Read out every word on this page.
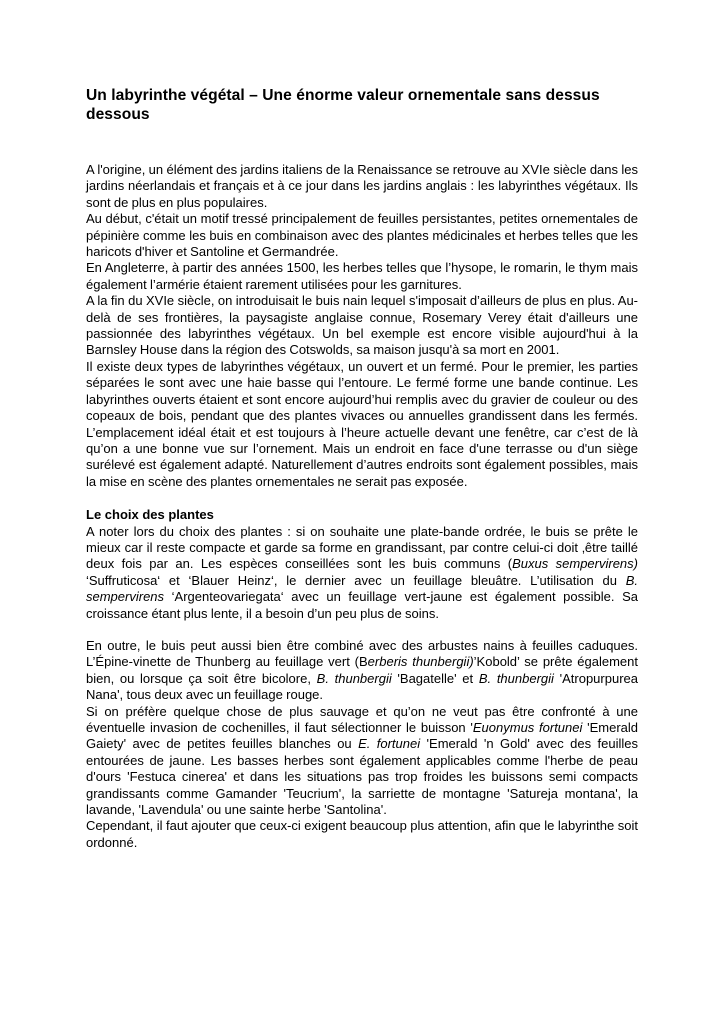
Un labyrinthe végétal – Une énorme valeur ornementale sans dessus dessous

A l'origine, un élément des jardins italiens de la Renaissance se retrouve au XVIe siècle dans les jardins néerlandais et français et à ce jour dans les jardins anglais : les labyrinthes végétaux. Ils sont de plus en plus populaires.

Au début, c'était un motif tressé principalement de feuilles persistantes, petites ornementales de pépinière comme les buis en combinaison avec des plantes médicinales et herbes telles que les haricots d'hiver et Santoline et Germandrée.

En Angleterre, à partir des années 1500, les herbes telles que l’hysope, le romarin, le thym mais également l’armérie étaient rarement utilisées pour les garnitures.

A la fin du XVIe siècle, on introduisait le buis nain lequel s'imposait d’ailleurs de plus en plus. Au-delà de ses frontières, la paysagiste anglaise connue, Rosemary Verey était d'ailleurs une passionnée des labyrinthes végétaux. Un bel exemple est encore visible aujourd'hui à la Barnsley House dans la région des Cotswolds, sa maison jusqu'à sa mort en 2001.

Il existe deux types de labyrinthes végétaux, un ouvert et un fermé. Pour le premier, les parties séparées le sont avec une haie basse qui l’entoure. Le fermé forme une bande continue. Les labyrinthes ouverts étaient et sont encore aujourd’hui remplis avec du gravier de couleur ou des copeaux de bois, pendant que des plantes vivaces ou annuelles grandissent dans les fermés. L’emplacement idéal était et est toujours à l’heure actuelle devant une fenêtre, car c’est de là qu’on a une bonne vue sur l’ornement. Mais un endroit en face d'une terrasse ou d'un siège surélevé est également adapté. Naturellement d’autres endroits sont également possibles, mais la mise en scène des plantes ornementales ne serait pas exposée.

Le choix des plantes

A noter lors du choix des plantes : si on souhaite une plate-bande ordrée, le buis se prête le mieux car il reste compacte et garde sa forme en grandissant, par contre celui-ci doit ‚être taillé deux fois par an. Les espèces conseillées sont les buis communs (Buxus sempervirens) ‘Suffruticosa‘ et ‘Blauer Heinz‘, le dernier avec un feuillage bleuâtre. L’utilisation du B. sempervirens ‘Argenteovariegata‘ avec un feuillage vert-jaune est également possible. Sa croissance étant plus lente, il a besoin d’un peu plus de soins.

En outre, le buis peut aussi bien être combiné avec des arbustes nains à feuilles caduques. L’Épine-vinette de Thunberg au feuillage vert (Berberis thunbergii)’Kobold’ se prête également bien, ou lorsque ça soit être bicolore, B. thunbergii 'Bagatelle' et B. thunbergii 'Atropurpurea Nana', tous deux avec un feuillage rouge.

Si on préfère quelque chose de plus sauvage et qu’on ne veut pas être confronté à une éventuelle invasion de cochenilles, il faut sélectionner le buisson 'Euonymus fortunei 'Emerald Gaiety' avec de petites feuilles blanches ou E. fortunei 'Emerald 'n Gold' avec des feuilles entourées de jaune. Les basses herbes sont également applicables comme l'herbe de peau d'ours 'Festuca cinerea' et dans les situations pas trop froides les buissons semi compacts grandissants comme Gamander 'Teucrium', la sarriette de montagne 'Satureja montana', la lavande, 'Lavendula' ou une sainte herbe 'Santolina'.

Cependant, il faut ajouter que ceux-ci exigent beaucoup plus attention, afin que le labyrinthe soit ordonné.
